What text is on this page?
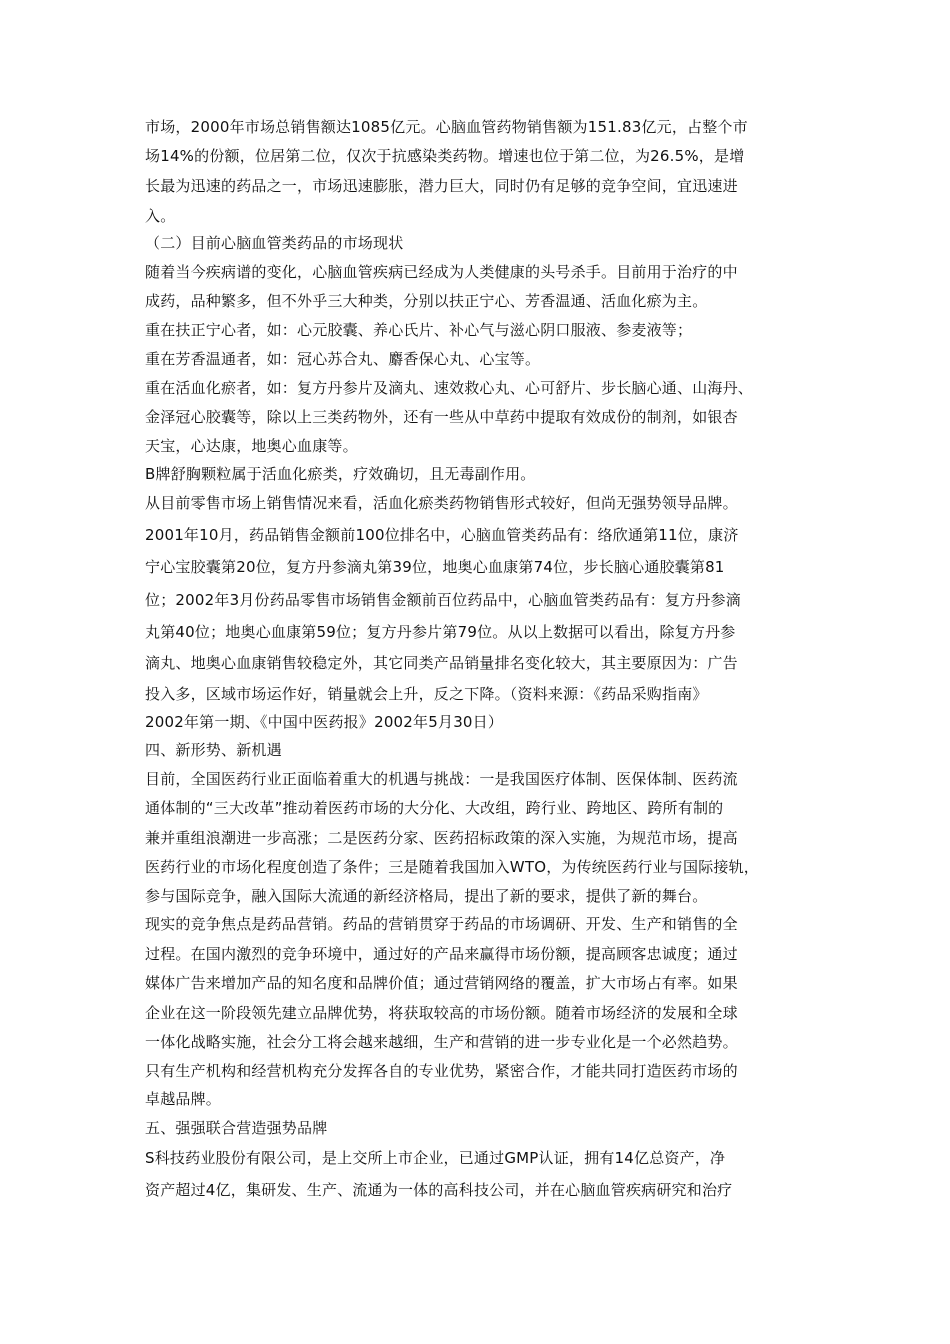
市场，2000年市场总销售额达1085亿元。心脑血管药物销售额为151.83亿元，占整个市
场14%的份额，位居第二位，仅次于抗感染类药物。增速也位于第二位，为26.5%，是增
长最为迅速的药品之一，市场迅速膨胀，潜力巨大，同时仍有足够的竞争空间，宜迅速进
入。
（二）目前心脑血管类药品的市场现状
随着当今疾病谱的变化，心脑血管疾病已经成为人类健康的头号杀手。目前用于治疗的中
成药，品种繁多，但不外乎三大种类，分别以扶正宁心、芳香温通、活血化瘀为主。
重在扶正宁心者，如：心元胶囊、养心氏片、补心气与滋心阴口服液、参麦液等；
重在芳香温通者，如：冠心苏合丸、麝香保心丸、心宝等。
重在活血化瘀者，如：复方丹参片及滴丸、速效救心丸、心可舒片、步长脑心通、山海丹、
金泽冠心胶囊等，除以上三类药物外，还有一些从中草药中提取有效成份的制剂，如银杏
天宝，心达康，地奥心血康等。
B牌舒胸颗粒属于活血化瘀类，疗效确切，且无毒副作用。
从目前零售市场上销售情况来看，活血化瘀类药物销售形式较好，但尚无强势领导品牌。
2001年10月，药品销售金额前100位排名中，心脑血管类药品有：络欣通第11位，康济
宁心宝胶囊第20位，复方丹参滴丸第39位，地奥心血康第74位，步长脑心通胶囊第81
位；2002年3月份药品零售市场销售金额前百位药品中，心脑血管类药品有：复方丹参滴
丸第40位；地奥心血康第59位；复方丹参片第79位。从以上数据可以看出，除复方丹参
滴丸、地奥心血康销售较稳定外，其它同类产品销量排名变化较大，其主要原因为：广告
投入多，区域市场运作好，销量就会上升，反之下降。（资料来源：《药品采购指南》
2002年第一期、《中国中医药报》2002年5月30日）
四、新形势、新机遇
目前，全国医药行业正面临着重大的机遇与挑战：一是我国医疗体制、医保体制、医药流
通体制的“三大改革”推动着医药市场的大分化、大改组，跨行业、跨地区、跨所有制的
兼并重组浪潮进一步高涨；二是医药分家、医药招标政策的深入实施，为规范市场，提高
医药行业的市场化程度创造了条件；三是随着我国加入WTO，为传统医药行业与国际接轨，
参与国际竞争，融入国际大流通的新经济格局，提出了新的要求，提供了新的舞台。
现实的竞争焦点是药品营销。药品的营销贯穿于药品的市场调研、开发、生产和销售的全
过程。在国内激烈的竞争环境中，通过好的产品来赢得市场份额，提高顾客忠诚度；通过
媒体广告来增加产品的知名度和品牌价值；通过营销网络的覆盖，扩大市场占有率。如果
企业在这一阶段领先建立品牌优势，将获取较高的市场份额。随着市场经济的发展和全球
一体化战略实施，社会分工将会越来越细，生产和营销的进一步专业化是一个必然趋势。
只有生产机构和经营机构充分发挥各自的专业优势，紧密合作，才能共同打造医药市场的
卓越品牌。
五、强强联合营造强势品牌
S科技药业股份有限公司，是上交所上市企业，已通过GMP认证，拥有14亿总资产，净
资产超过4亿，集研发、生产、流通为一体的高科技公司，并在心脑血管疾病研究和治疗
